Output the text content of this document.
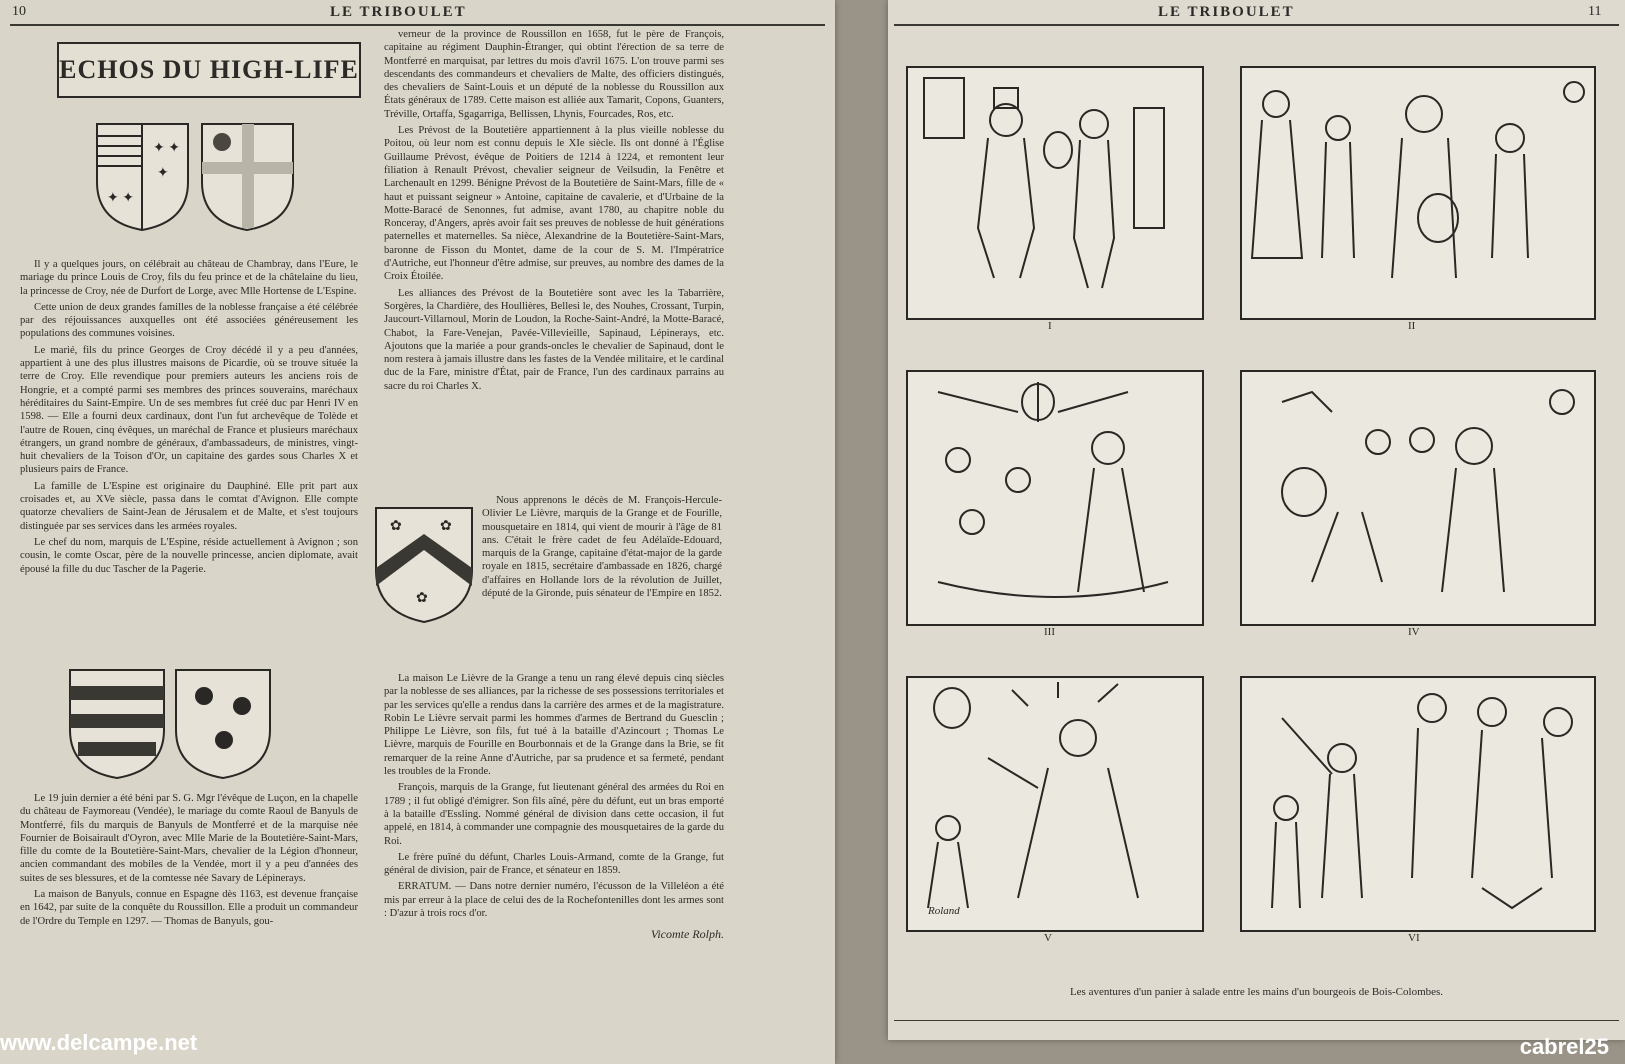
LE TRIBOULET
10
ECHOS DU HIGH-LIFE
✦ ✦
✦
✦ ✦

Il y a quelques jours, on célébrait au château de Chambray, dans l'Eure, le mariage du prince Louis de Croy, fils du feu prince et de la châtelaine du lieu, la princesse de Croy, née de Durfort de Lorge, avec Mlle Hortense de L'Espine.

Cette union de deux grandes familles de la noblesse française a été célébrée par des réjouissances auxquelles ont été associées généreusement les populations des communes voisines.

Le marié, fils du prince Georges de Croy décédé il y a peu d'années, appartient à une des plus illustres maisons de Picardie, où se trouve située la terre de Croy. Elle revendique pour premiers auteurs les anciens rois de Hongrie, et a compté parmi ses membres des princes souverains, maréchaux héréditaires du Saint-Empire. Un de ses membres fut créé duc par Henri IV en 1598. — Elle a fourni deux cardinaux, dont l'un fut archevêque de Tolède et l'autre de Rouen, cinq évêques, un maréchal de France et plusieurs maréchaux étrangers, un grand nombre de généraux, d'ambassadeurs, de ministres, vingt-huit chevaliers de la Toison d'Or, un capitaine des gardes sous Charles X et plusieurs pairs de France.

La famille de L'Espine est originaire du Dauphiné. Elle prit part aux croisades et, au XVe siècle, passa dans le comtat d'Avignon. Elle compte quatorze chevaliers de Saint-Jean de Jérusalem et de Malte, et s'est toujours distinguée par ses services dans les armées royales.

Le chef du nom, marquis de L'Espine, réside actuellement à Avignon ; son cousin, le comte Oscar, père de la nouvelle princesse, ancien diplomate, avait épousé la fille du duc Tascher de la Pagerie.

Le 19 juin dernier a été béni par S. G. Mgr l'évêque de Luçon, en la chapelle du château de Faymoreau (Vendée), le mariage du comte Raoul de Banyuls de Montferré, fils du marquis de Banyuls de Montferré et de la marquise née Fournier de Boisairault d'Oyron, avec Mlle Marie de la Boutetière-Saint-Mars, fille du comte de la Boutetière-Saint-Mars, chevalier de la Légion d'honneur, ancien commandant des mobiles de la Vendée, mort il y a peu d'années des suites de ses blessures, et de la comtesse née Savary de Lépinerays.

La maison de Banyuls, connue en Espagne dès 1163, est devenue française en 1642, par suite de la conquête du Roussillon. Elle a produit un commandeur de l'Ordre du Temple en 1297. — Thomas de Banyuls, gou-

verneur de la province de Roussillon en 1658, fut le père de François, capitaine au régiment Dauphin-Étranger, qui obtint l'érection de sa terre de Montferré en marquisat, par lettres du mois d'avril 1675. L'on trouve parmi ses descendants des commandeurs et chevaliers de Malte, des officiers distingués, des chevaliers de Saint-Louis et un député de la noblesse du Roussillon aux États généraux de 1789. Cette maison est alliée aux Tamarit, Copons, Guanters, Tréville, Ortaffa, Sgagarriga, Bellissen, Lhynis, Fourcades, Ros, etc.

Les Prévost de la Boutetière appartiennent à la plus vieille noblesse du Poitou, où leur nom est connu depuis le XIe siècle. Ils ont donné à l'Église Guillaume Prévost, évêque de Poitiers de 1214 à 1224, et remontent leur filiation à Renault Prévost, chevalier seigneur de Veilsudin, la Fenêtre et Larchenault en 1299. Bénigne Prévost de la Boutetière de Saint-Mars, fille de « haut et puissant seigneur » Antoine, capitaine de cavalerie, et d'Urbaine de la Motte-Baracé de Senonnes, fut admise, avant 1780, au chapitre noble du Ronceray, d'Angers, après avoir fait ses preuves de noblesse de huit générations paternelles et maternelles. Sa nièce, Alexandrine de la Boutetière-Saint-Mars, baronne de Fisson du Montet, dame de la cour de S. M. l'Impératrice d'Autriche, eut l'honneur d'être admise, sur preuves, au nombre des dames de la Croix Étoilée.

Les alliances des Prévost de la Boutetière sont avec les la Tabarrière, Sorgères, la Chardière, des Houllières, Bellesi le, des Nouhes, Crossant, Turpin, Jaucourt-Villarnoul, Morin de Loudon, la Roche-Saint-André, la Motte-Baracé, Chabot, la Fare-Venejan, Pavée-Villevieille, Sapinaud, Lépinerays, etc. Ajoutons que la mariée a pour grands-oncles le chevalier de Sapinaud, dont le nom restera à jamais illustre dans les fastes de la Vendée militaire, et le cardinal duc de la Fare, ministre d'État, pair de France, l'un des cardinaux parrains au sacre du roi Charles X.

✿	✿
✿

Nous apprenons le décès de M. François-Hercule-Olivier Le Lièvre, marquis de la Grange et de Fourille, mousquetaire en 1814, qui vient de mourir à l'âge de 81 ans. C'était le frère cadet de feu Adélaïde-Edouard, marquis de la Grange, capitaine d'état-major de la garde royale en 1815, secrétaire d'ambassade en 1826, chargé d'affaires en Hollande lors de la révolution de Juillet, député de la Gironde, puis sénateur de l'Empire en 1852.

La maison Le Lièvre de la Grange a tenu un rang élevé depuis cinq siècles par la noblesse de ses alliances, par la richesse de ses possessions territoriales et par les services qu'elle a rendus dans la carrière des armes et de la magistrature. Robin Le Lièvre servait parmi les hommes d'armes de Bertrand du Guesclin ; Philippe Le Lièvre, son fils, fut tué à la bataille d'Azincourt ; Thomas Le Lièvre, marquis de Fourille en Bourbonnais et de la Grange dans la Brie, se fit remarquer de la reine Anne d'Autriche, par sa prudence et sa fermeté, pendant les troubles de la Fronde.

François, marquis de la Grange, fut lieutenant général des armées du Roi en 1789 ; il fut obligé d'émigrer. Son fils aîné, père du défunt, eut un bras emporté à la bataille d'Essling. Nommé général de division dans cette occasion, il fut appelé, en 1814, à commander une compagnie des mousquetaires de la garde du Roi.

Le frère puîné du défunt, Charles Louis-Armand, comte de la Grange, fut général de division, pair de France, et sénateur en 1859.

ERRATUM. — Dans notre dernier numéro, l'écusson de la Villeléon a été mis par erreur à la place de celui des de la Rochefontenilles dont les armes sont : D'azur à trois rocs d'or.

Vicomte Rolph.
www.delcampe.net
LE TRIBOULET	11
I	II
III	IV
Roland
V	VI
Les aventures d'un panier à salade entre les mains d'un bourgeois de Bois-Colombes.
cabrel25
